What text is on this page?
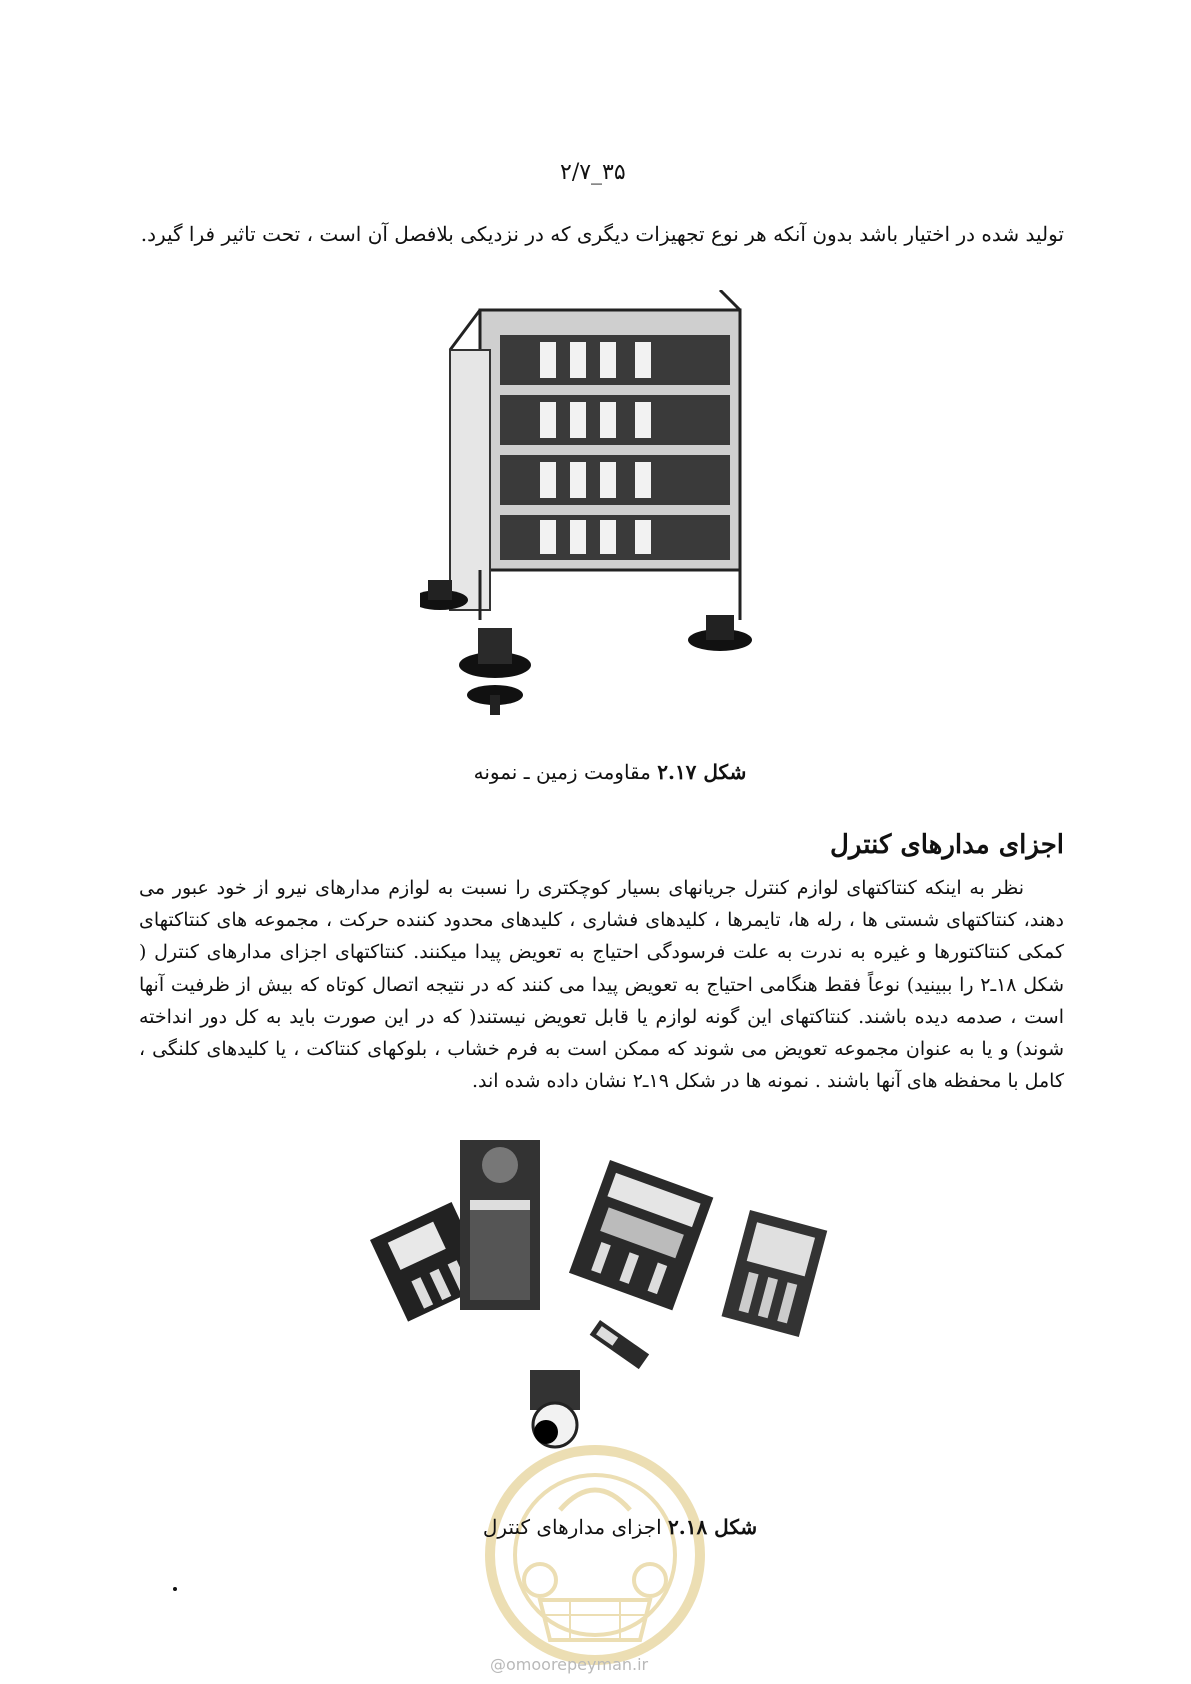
۳۵_۲/۷
تولید شده در اختیار باشد بدون آنکه هر نوع تجهیزات دیگری که در نزدیکی بلافصل آن است ، تحت تاثیر فرا گیرد.
شکل ۲.۱۷ مقاومت زمین ـ نمونه
اجزای مدارهای کنترل
نظر به اینکه کنتاکتهای لوازم کنترل جریانهای بسیار کوچکتری را نسبت به لوازم مدارهای نیرو از خود عبور می دهند، کنتاکتهای شستی ها ، رله ها، تایمرها ، کلیدهای فشاری ، کلیدهای محدود کننده حرکت ، مجموعه های کنتاکتهای کمکی کنتاکتورها و غیره به ندرت به علت فرسودگی احتیاج به تعویض پیدا میکنند. کنتاکتهای اجزای مدارهای کنترل ( شکل ۱۸ـ۲ را ببینید) نوعاً فقط هنگامی احتیاج به تعویض پیدا می کنند که در نتیجه اتصال کوتاه که بیش از ظرفیت آنها است ، صدمه دیده باشند. کنتاکتهای این گونه لوازم یا قابل تعویض نیستند( که در این صورت باید به کل دور انداخته شوند) و یا به عنوان مجموعه تعویض می شوند که ممکن است به فرم خشاب ، بلوکهای کنتاکت ، یا کلیدهای کلنگی ، کامل با محفظه های آنها باشند . نمونه ها در شکل ۱۹ـ۲ نشان داده شده اند.
شکل ۲.۱۸ اجزای مدارهای کنترل
@omoorepeyman.ir
